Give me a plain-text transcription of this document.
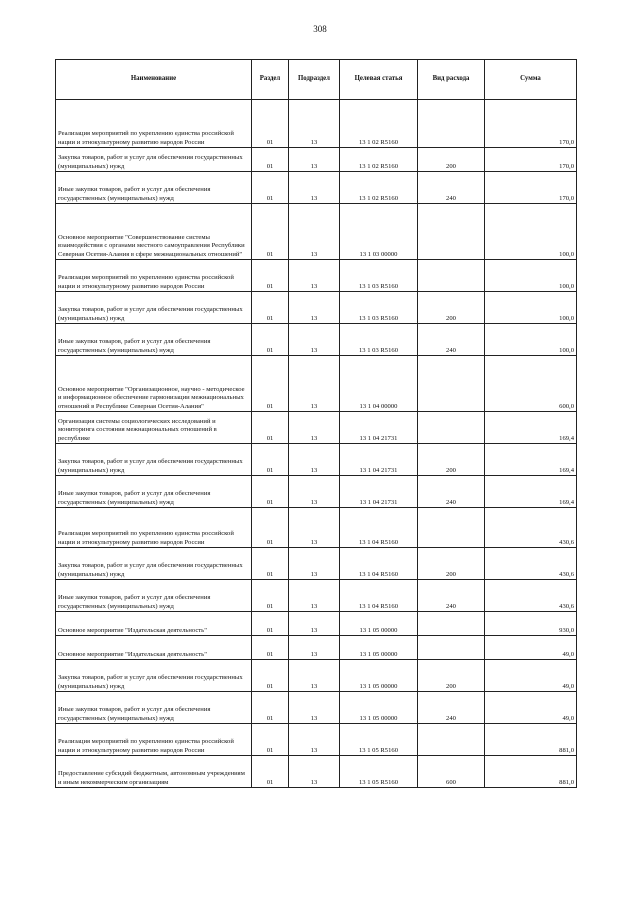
308
Наименование	Раздел	Подраздел	Целевая статья	Вид расхода	Сумма
Реализация мероприятий по укреплению единства российской нации и этнокультурному развитию народов России	01	13	13 1 02 R5160		170,0
Закупка товаров, работ и услуг для обеспечения государственных (муниципальных) нужд	01	13	13 1 02 R5160	200	170,0
Иные закупки товаров, работ и услуг для обеспечения государственных (муниципальных) нужд	01	13	13 1 02 R5160	240	170,0
Основное мероприятие "Совершенствование системы взаимодействия с органами местного самоуправления Республики Северная Осетия-Алания в сфере межнациональных отношений"	01	13	13 1 03 00000		100,0
Реализация мероприятий по укреплению единства российской нации и этнокультурному развитию народов России	01	13	13 1 03 R5160		100,0
Закупка товаров, работ и услуг для обеспечения государственных (муниципальных) нужд	01	13	13 1 03 R5160	200	100,0
Иные закупки товаров, работ и услуг для обеспечения государственных (муниципальных) нужд	01	13	13 1 03 R5160	240	100,0
Основное мероприятие "Организационное, научно - методическое и информационное обеспечение гармонизации межнациональных отношений в Республике Северная Осетия-Алания"	01	13	13 1 04 00000		600,0
Организация системы социологических исследований и мониторинга состояния межнациональных отношений в республике	01	13	13 1 04 21731		169,4
Закупка товаров, работ и услуг для обеспечения государственных (муниципальных) нужд	01	13	13 1 04 21731	200	169,4
Иные закупки товаров, работ и услуг для обеспечения государственных (муниципальных) нужд	01	13	13 1 04 21731	240	169,4
Реализация мероприятий по укреплению единства российской нации и этнокультурному развитию народов России	01	13	13 1 04 R5160		430,6
Закупка товаров, работ и услуг для обеспечения государственных (муниципальных) нужд	01	13	13 1 04 R5160	200	430,6
Иные закупки товаров, работ и услуг для обеспечения государственных (муниципальных) нужд	01	13	13 1 04 R5160	240	430,6
Основное мероприятие "Издательская деятельность"	01	13	13 1 05 00000		930,0
Основное мероприятие "Издательская деятельность"	01	13	13 1 05 00000		49,0
Закупка товаров, работ и услуг для обеспечения государственных (муниципальных) нужд	01	13	13 1 05 00000	200	49,0
Иные закупки товаров, работ и услуг для обеспечения государственных (муниципальных) нужд	01	13	13 1 05 00000	240	49,0
Реализация мероприятий по укреплению единства российской нации и этнокультурному развитию народов России	01	13	13 1 05 R5160		881,0
Предоставление субсидий бюджетным, автономным учреждениям и иным некоммерческим организациям	01	13	13 1 05 R5160	600	881,0
